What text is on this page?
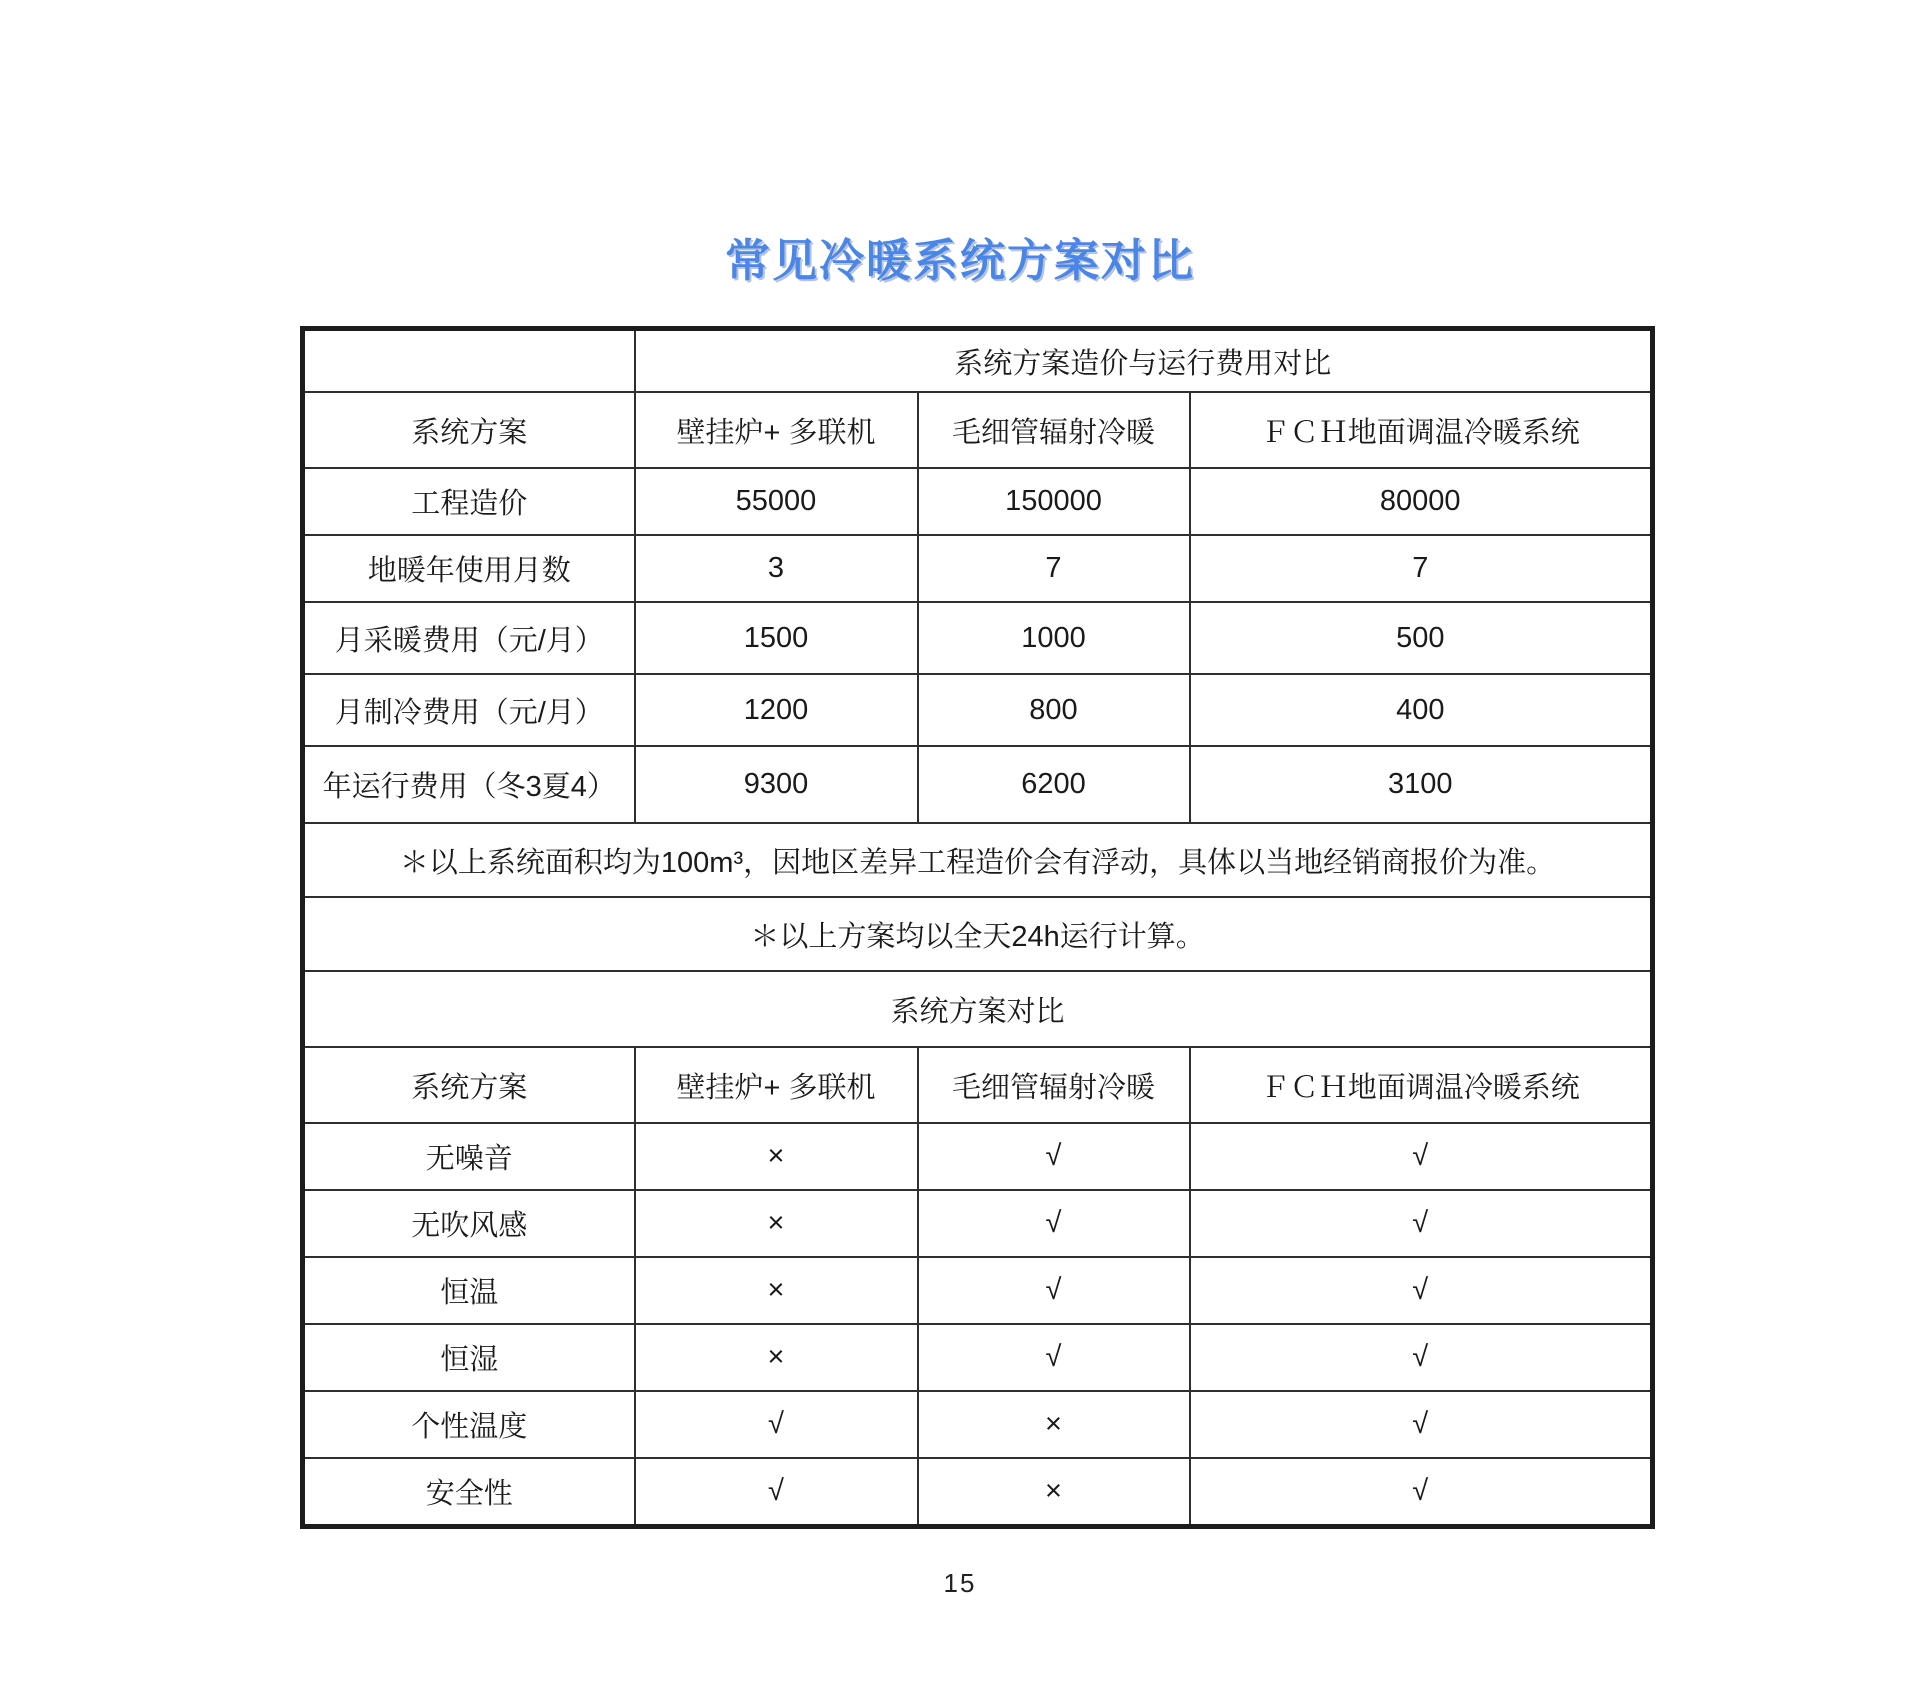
常见冷暖系统方案对比
	系统方案造价与运行费用对比		
系统方案	壁挂炉+ 多联机	毛细管辐射冷暖	ＦＣＨ地面调温冷暖系统
工程造价	55000	150000	80000
地暖年使用月数	3	7	7
月采暖费用（元/月）	1500	1000	500
月制冷费用（元/月）	1200	800	400
年运行费用（冬3夏4）	9300	6200	3100
＊以上系统面积均为100m³，因地区差异工程造价会有浮动，具体以当地经销商报价为准。			
＊以上方案均以全天24h运行计算。			
系统方案对比			
系统方案	壁挂炉+ 多联机	毛细管辐射冷暖	ＦＣＨ地面调温冷暖系统
无噪音	×	√	√
无吹风感	×	√	√
恒温	×	√	√
恒湿	×	√	√
个性温度	√	×	√
安全性	√	×	√
15
